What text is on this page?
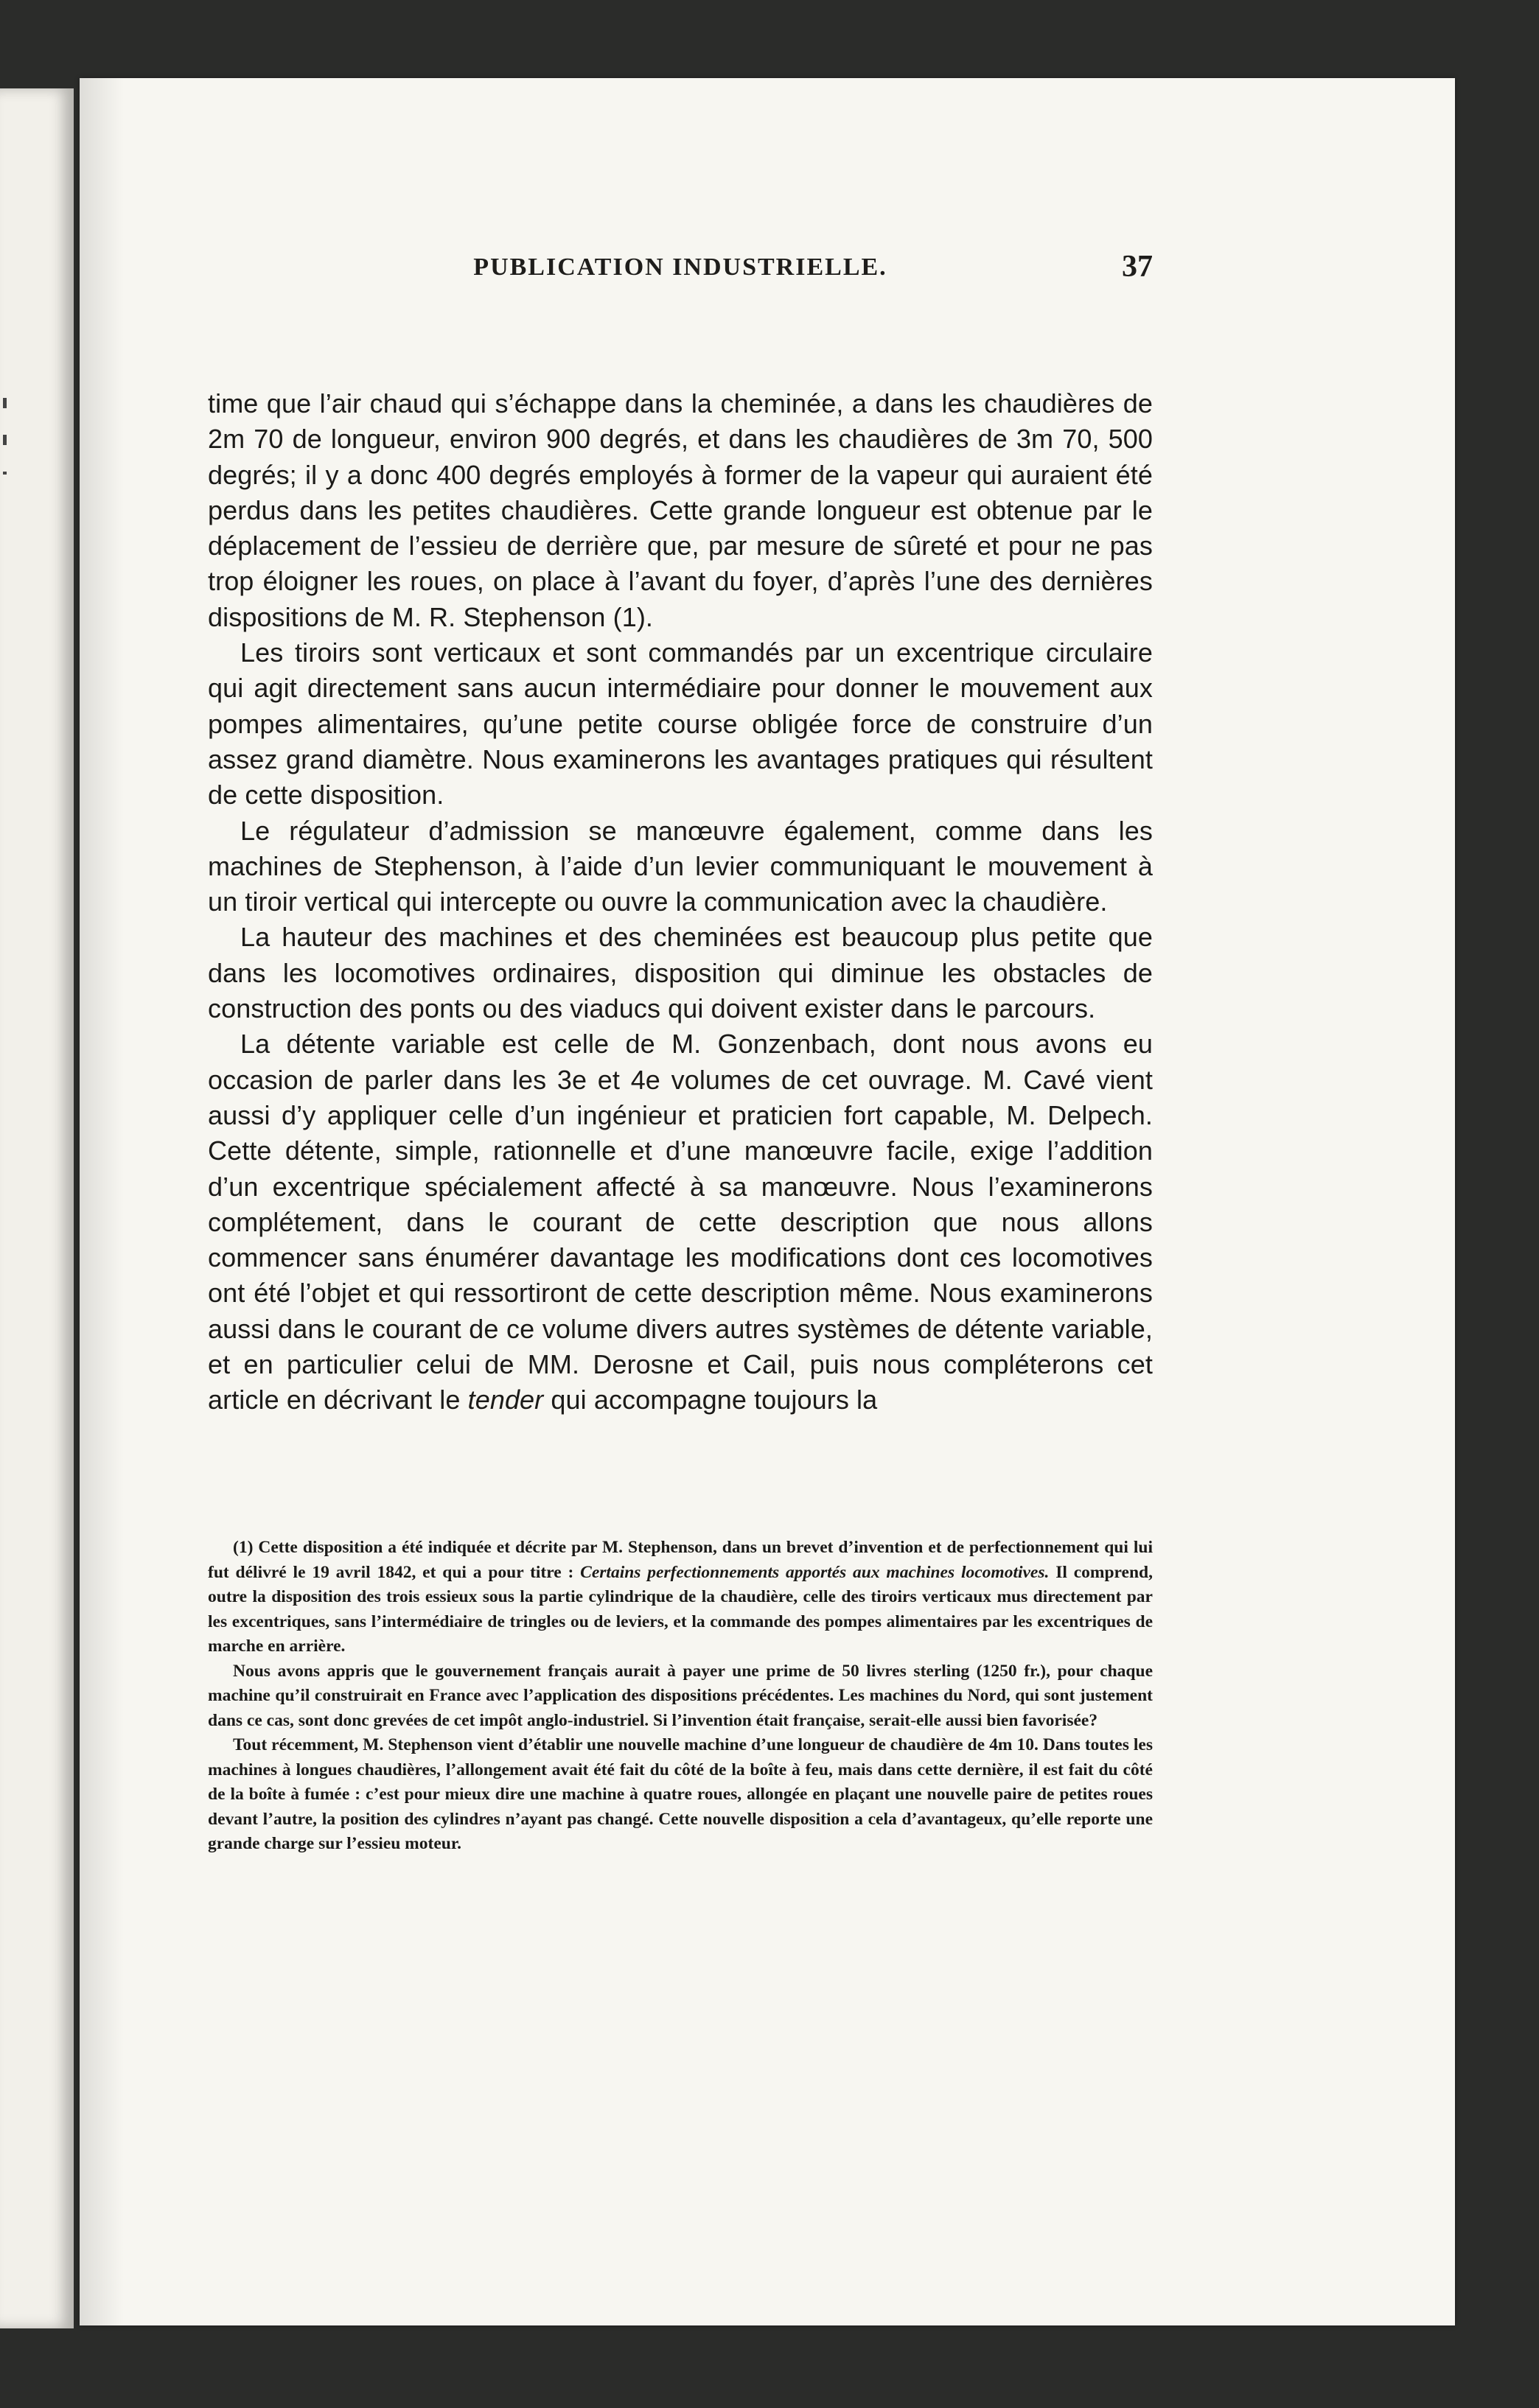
PUBLICATION INDUSTRIELLE.	37

time que l’air chaud qui s’échappe dans la cheminée, a dans les chaudières de 2m 70 de longueur, environ 900 degrés, et dans les chaudières de 3m 70, 500 degrés; il y a donc 400 degrés employés à former de la vapeur qui auraient été perdus dans les petites chaudières. Cette grande longueur est obtenue par le déplacement de l’essieu de derrière que, par mesure de sûreté et pour ne pas trop éloigner les roues, on place à l’avant du foyer, d’après l’une des dernières dispositions de M. R. Stephenson (1).

Les tiroirs sont verticaux et sont commandés par un excentrique circulaire qui agit directement sans aucun intermédiaire pour donner le mouvement aux pompes alimentaires, qu’une petite course obligée force de construire d’un assez grand diamètre. Nous examinerons les avantages pratiques qui résultent de cette disposition.

Le régulateur d’admission se manœuvre également, comme dans les machines de Stephenson, à l’aide d’un levier communiquant le mouvement à un tiroir vertical qui intercepte ou ouvre la communication avec la chaudière.

La hauteur des machines et des cheminées est beaucoup plus petite que dans les locomotives ordinaires, disposition qui diminue les obstacles de construction des ponts ou des viaducs qui doivent exister dans le parcours.

La détente variable est celle de M. Gonzenbach, dont nous avons eu occasion de parler dans les 3e et 4e volumes de cet ouvrage. M. Cavé vient aussi d’y appliquer celle d’un ingénieur et praticien fort capable, M. Delpech. Cette détente, simple, rationnelle et d’une manœuvre facile, exige l’addition d’un excentrique spécialement affecté à sa manœuvre. Nous l’examinerons complétement, dans le courant de cette description que nous allons commencer sans énumérer davantage les modifications dont ces locomotives ont été l’objet et qui ressortiront de cette description même. Nous examinerons aussi dans le courant de ce volume divers autres systèmes de détente variable, et en particulier celui de MM. Derosne et Cail, puis nous compléterons cet article en décrivant le tender qui accompagne toujours la

(1) Cette disposition a été indiquée et décrite par M. Stephenson, dans un brevet d’invention et de perfectionnement qui lui fut délivré le 19 avril 1842, et qui a pour titre : Certains perfectionnements apportés aux machines locomotives. Il comprend, outre la disposition des trois essieux sous la partie cylindrique de la chaudière, celle des tiroirs verticaux mus directement par les excentriques, sans l’intermédiaire de tringles ou de leviers, et la commande des pompes alimentaires par les excentriques de marche en arrière.

Nous avons appris que le gouvernement français aurait à payer une prime de 50 livres sterling (1250 fr.), pour chaque machine qu’il construirait en France avec l’application des dispositions précédentes. Les machines du Nord, qui sont justement dans ce cas, sont donc grevées de cet impôt anglo-industriel. Si l’invention était française, serait-elle aussi bien favorisée?

Tout récemment, M. Stephenson vient d’établir une nouvelle machine d’une longueur de chaudière de 4m 10. Dans toutes les machines à longues chaudières, l’allongement avait été fait du côté de la boîte à feu, mais dans cette dernière, il est fait du côté de la boîte à fumée : c’est pour mieux dire une machine à quatre roues, allongée en plaçant une nouvelle paire de petites roues devant l’autre, la position des cylindres n’ayant pas changé. Cette nouvelle disposition a cela d’avantageux, qu’elle reporte une grande charge sur l’essieu moteur.
